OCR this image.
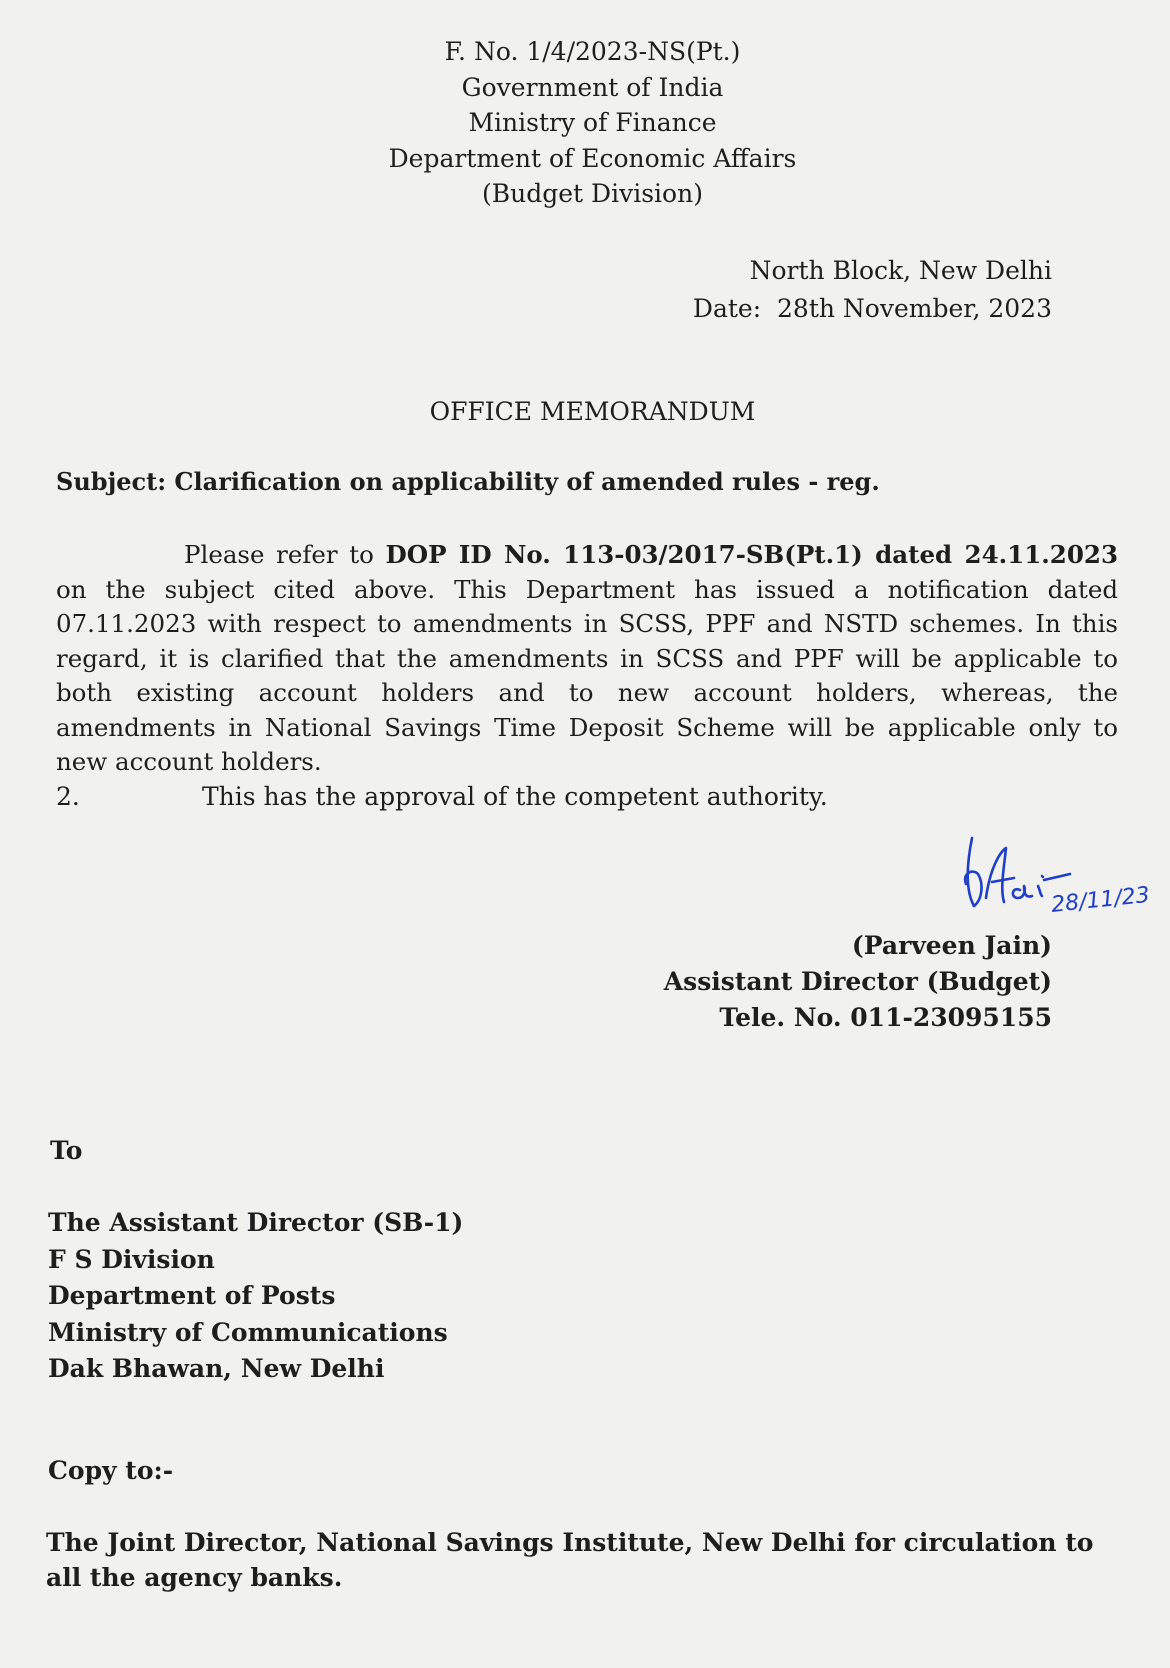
F. No. 1/4/2023-NS(Pt.)
Government of India
Ministry of Finance
Department of Economic Affairs
(Budget Division)
North Block, New Delhi
Date:  28th November, 2023
OFFICE MEMORANDUM
Subject: Clarification on applicability of amended rules - reg.
Please refer to DOP ID No. 113-03/2017-SB(Pt.1) dated 24.11.2023 on the subject cited above. This Department has issued a notification dated 07.11.2023 with respect to amendments in SCSS, PPF and NSTD schemes. In this regard, it is clarified that the amendments in SCSS and PPF will be applicable to both existing account holders and to new account holders, whereas, the amendments in National Savings Time Deposit Scheme will be applicable only to new account holders.
2.	This has the approval of the competent authority.
28/11/23
(Parveen Jain)
Assistant Director (Budget)
Tele. No. 011-23095155
To
The Assistant Director (SB-1)
F S Division
Department of Posts
Ministry of Communications
Dak Bhawan, New Delhi
Copy to:-
The Joint Director, National Savings Institute, New Delhi for circulation to all the agency banks.
